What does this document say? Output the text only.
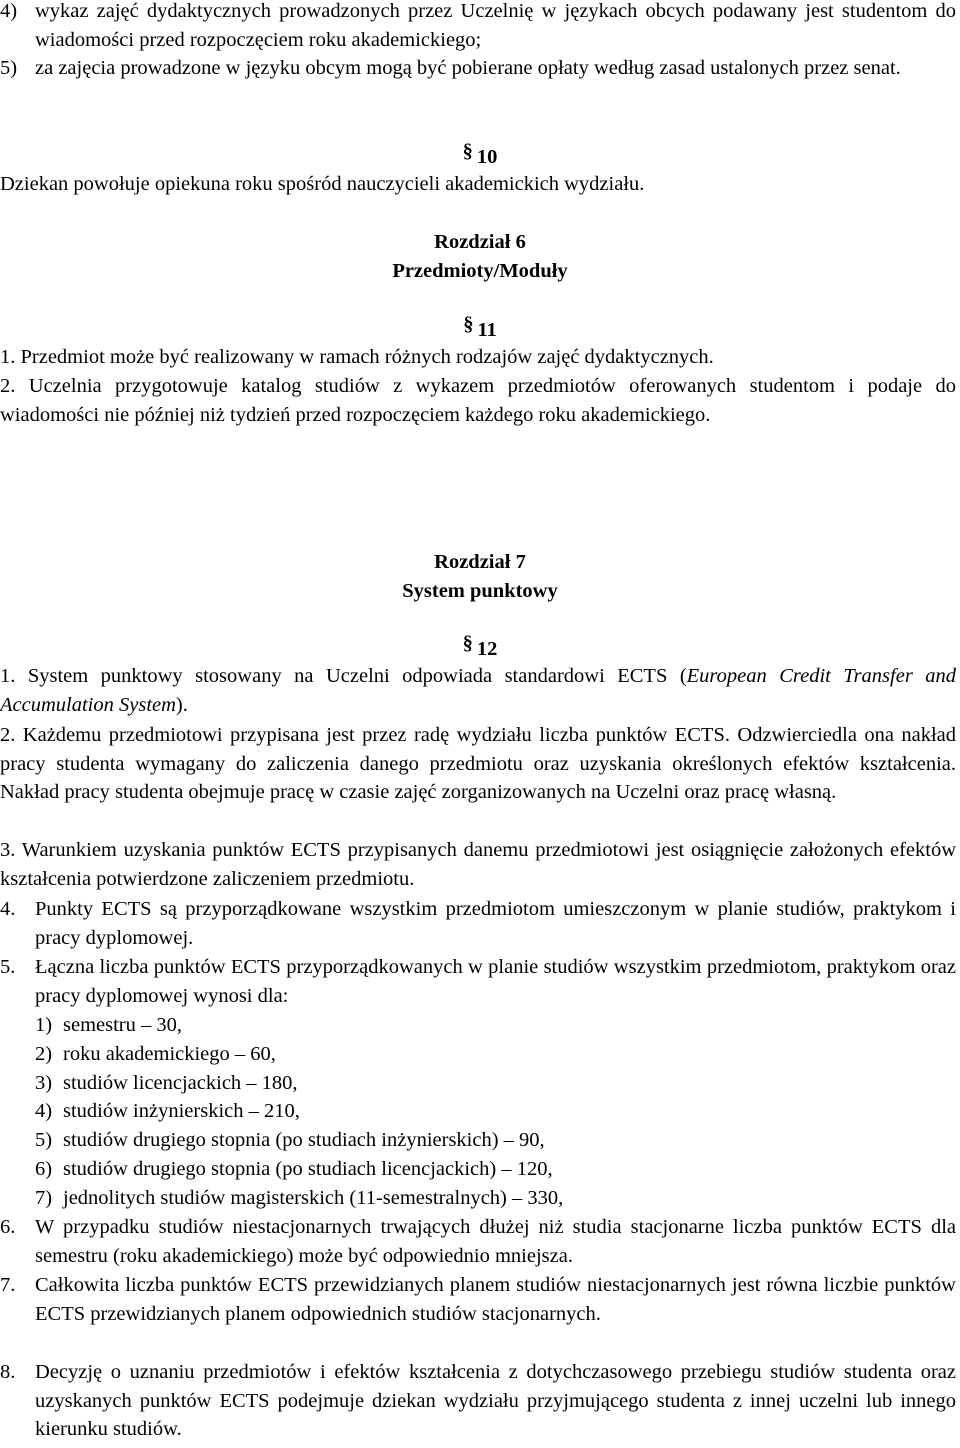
4) wykaz zajęć dydaktycznych prowadzonych przez Uczelnię w językach obcych podawany jest studentom do wiadomości przed rozpoczęciem roku akademickiego;
5) za zajęcia prowadzone w języku obcym mogą być pobierane opłaty według zasad ustalonych przez senat.
§ 10
Dziekan powołuje opiekuna roku spośród nauczycieli akademickich wydziału.
Rozdział 6
Przedmioty/Moduły
§ 11
1. Przedmiot może być realizowany w ramach różnych rodzajów zajęć dydaktycznych.
2. Uczelnia przygotowuje katalog studiów z wykazem przedmiotów oferowanych studentom i podaje do wiadomości nie później niż tydzień przed rozpoczęciem każdego roku akademickiego.
Rozdział 7
System punktowy
§ 12
1. System punktowy stosowany na Uczelni odpowiada standardowi ECTS (European Credit Transfer and Accumulation System).
2. Każdemu przedmiotowi przypisana jest przez radę wydziału liczba punktów ECTS. Odzwierciedla ona nakład pracy studenta wymagany do zaliczenia danego przedmiotu oraz uzyskania określonych efektów kształcenia. Nakład pracy studenta obejmuje pracę w czasie zajęć zorganizowanych na Uczelni oraz pracę własną.
3. Warunkiem uzyskania punktów ECTS przypisanych danemu przedmiotowi jest osiągnięcie założonych efektów kształcenia potwierdzone zaliczeniem przedmiotu.
4. Punkty ECTS są przyporządkowane wszystkim przedmiotom umieszczonym w planie studiów, praktykom i pracy dyplomowej.
5. Łączna liczba punktów ECTS przyporządkowanych w planie studiów wszystkim przedmiotom, praktykom oraz pracy dyplomowej wynosi dla:
1) semestru – 30,
2) roku akademickiego – 60,
3) studiów licencjackich – 180,
4) studiów inżynierskich – 210,
5) studiów drugiego stopnia (po studiach inżynierskich) – 90,
6) studiów drugiego stopnia (po studiach licencjackich) – 120,
7) jednolitych studiów magisterskich (11-semestralnych) – 330,
6. W przypadku studiów niestacjonarnych trwających dłużej niż studia stacjonarne liczba punktów ECTS dla semestru (roku akademickiego) może być odpowiednio mniejsza.
7. Całkowita liczba punktów ECTS przewidzianych planem studiów niestacjonarnych jest równa liczbie punktów ECTS przewidzianych planem odpowiednich studiów stacjonarnych.
8. Decyzję o uznaniu przedmiotów i efektów kształcenia z dotychczasowego przebiegu studiów studenta oraz uzyskanych punktów ECTS podejmuje dziekan wydziału przyjmującego studenta z innej uczelni lub innego kierunku studiów.
